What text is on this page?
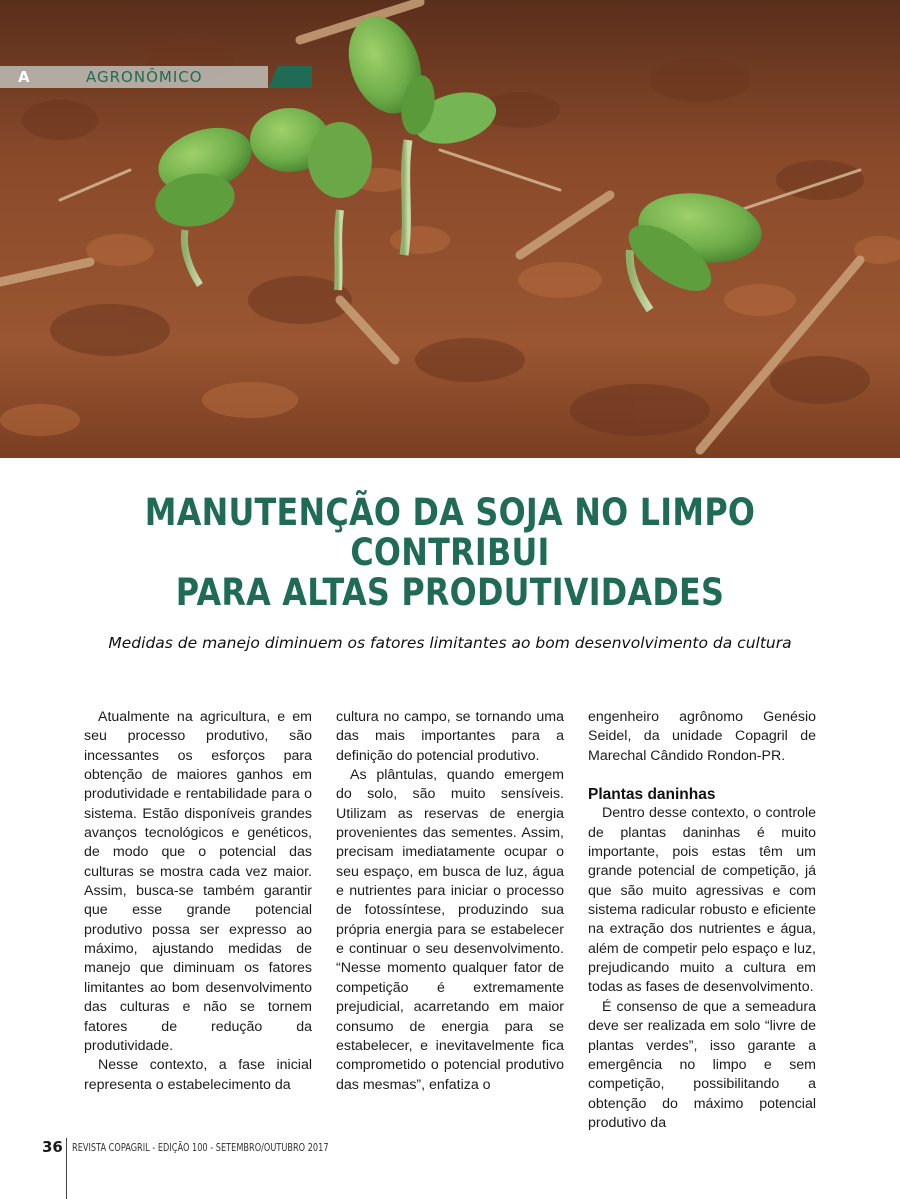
AGRONÔMICO
A
MANUTENÇÃO DA SOJA NO LIMPO CONTRIBUI
PARA ALTAS PRODUTIVIDADES
Medidas de manejo diminuem os fatores limitantes ao bom desenvolvimento da cultura

Atualmente na agricultura, e em seu processo produtivo, são incessantes os esforços para obtenção de maiores ganhos em produtividade e rentabilidade para o sistema. Estão disponíveis grandes avanços tecnológicos e genéticos, de modo que o potencial das culturas se mostra cada vez maior. Assim, busca-se também garantir que esse grande potencial produtivo possa ser expresso ao máximo, ajustando medidas de manejo que diminuam os fatores limitantes ao bom desenvolvimento das culturas e não se tornem fatores de redução da produtividade.

Nesse contexto, a fase inicial representa o estabelecimento da

cultura no campo, se tornando uma das mais importantes para a definição do potencial produtivo.

As plântulas, quando emergem do solo, são muito sensíveis. Utilizam as reservas de energia provenientes das sementes. Assim, precisam imediatamente ocupar o seu espaço, em busca de luz, água e nutrientes para iniciar o processo de fotossíntese, produzindo sua própria energia para se estabelecer e continuar o seu desenvolvimento. “Nesse momento qualquer fator de competição é extremamente prejudicial, acarretando em maior consumo de energia para se estabelecer, e inevitavelmente fica comprometido o potencial produtivo das mesmas”, enfatiza o

engenheiro agrônomo Genésio Seidel, da unidade Copagril de Marechal Cândido Rondon-PR.

Plantas daninhas

Dentro desse contexto, o controle de plantas daninhas é muito importante, pois estas têm um grande potencial de competição, já que são muito agressivas e com sistema radicular robusto e eficiente na extração dos nutrientes e água, além de competir pelo espaço e luz, prejudicando muito a cultura em todas as fases de desenvolvimento.

É consenso de que a semeadura deve ser realizada em solo “livre de plantas verdes”, isso garante a emergência no limpo e sem competição, possibilitando a obtenção do máximo potencial produtivo da

36 REVISTA COPAGRIL - EDIÇÃO 100 - SETEMBRO/OUTUBRO 2017
